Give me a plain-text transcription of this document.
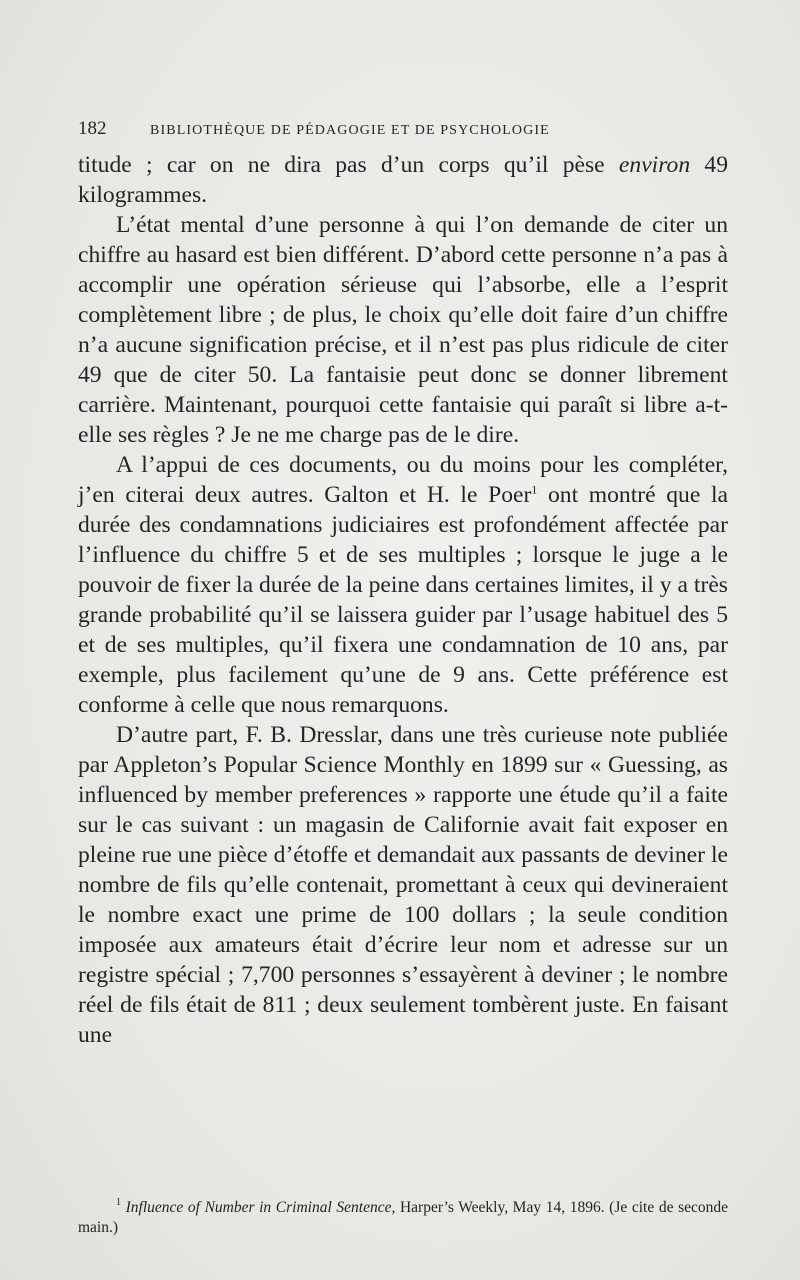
182	BIBLIOTHÈQUE DE PÉDAGOGIE ET DE PSYCHOLOGIE

titude ; car on ne dira pas d’un corps qu’il pèse environ 49 kilogrammes.

L’état mental d’une personne à qui l’on demande de citer un chiffre au hasard est bien différent. D’abord cette personne n’a pas à accomplir une opération sérieuse qui l’absorbe, elle a l’esprit complètement libre ; de plus, le choix qu’elle doit faire d’un chiffre n’a aucune signification précise, et il n’est pas plus ridicule de citer 49 que de citer 50. La fantaisie peut donc se donner librement carrière. Maintenant, pourquoi cette fantaisie qui paraît si libre a-t-elle ses règles ? Je ne me charge pas de le dire.

A l’appui de ces documents, ou du moins pour les compléter, j’en citerai deux autres. Galton et H. le Poer$^1$ ont montré que la durée des condamnations judiciaires est profondément affectée par l’influence du chiffre 5 et de ses multiples ; lorsque le juge a le pouvoir de fixer la durée de la peine dans certaines limites, il y a très grande probabilité qu’il se laissera guider par l’usage habituel des 5 et de ses multiples, qu’il fixera une condamnation de 10 ans, par exemple, plus facilement qu’une de 9 ans. Cette préférence est conforme à celle que nous remarquons.

D’autre part, F. B. Dresslar, dans une très curieuse note publiée par Appleton’s Popular Science Monthly en 1899 sur « Guessing, as influenced by member preferences » rapporte une étude qu’il a faite sur le cas suivant : un magasin de Californie avait fait exposer en pleine rue une pièce d’étoffe et demandait aux passants de deviner le nombre de fils qu’elle contenait, promettant à ceux qui devineraient le nombre exact une prime de 100 dollars ; la seule condition imposée aux amateurs était d’écrire leur nom et adresse sur un registre spécial ; 7,700 personnes s’essayèrent à deviner ; le nombre réel de fils était de 811 ; deux seulement tombèrent juste. En faisant une

$^1$ Influence of Number in Criminal Sentence, Harper’s Weekly, May 14, 1896. (Je cite de seconde main.)
